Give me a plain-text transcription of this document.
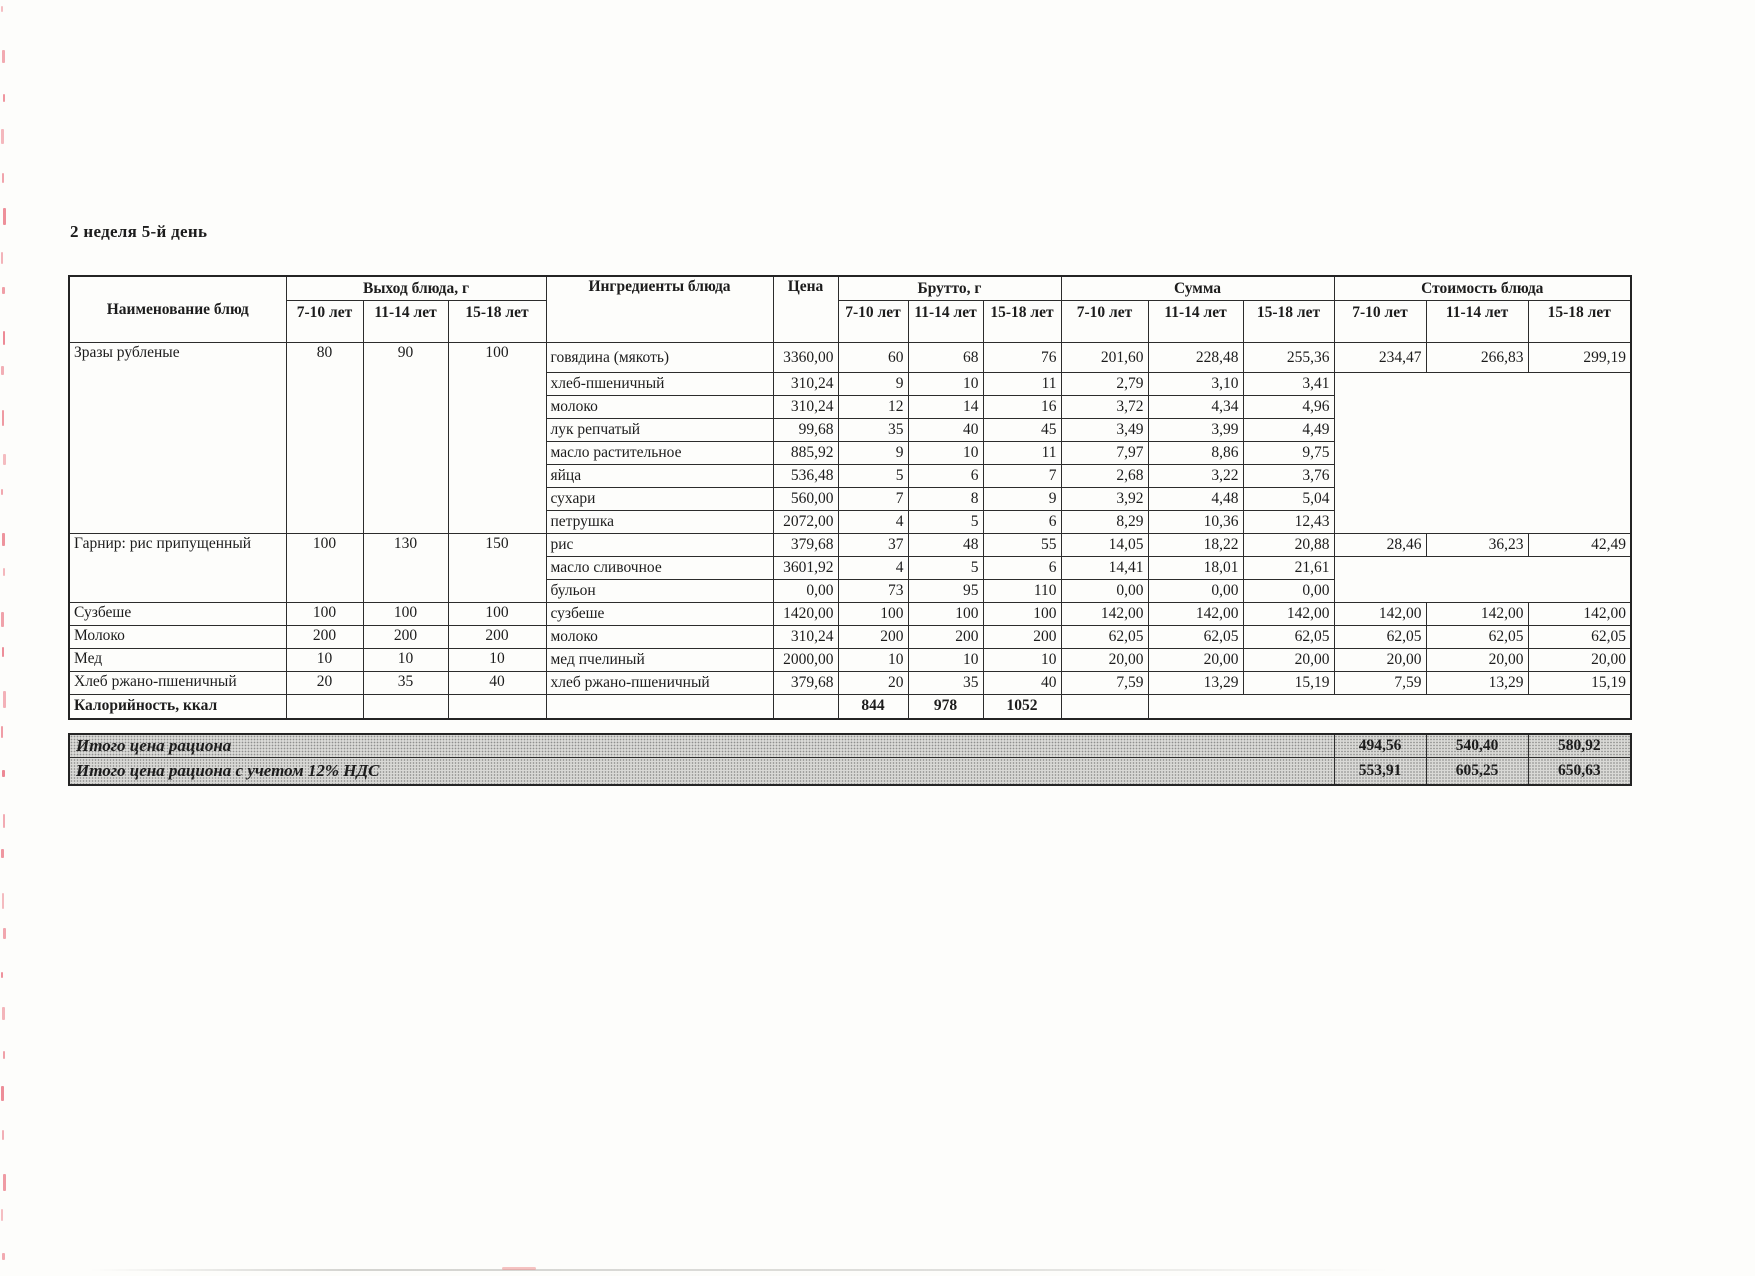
2 неделя 5-й день
Наименование блюд	Выход блюда, г			Ингредиенты блюда	Цена	Брутто, г			Сумма			Стоимость блюда		
	7-10 лет	11-14 лет	15-18 лет			7-10 лет	11-14 лет	15-18 лет	7-10 лет	11-14 лет	15-18 лет	7-10 лет	11-14 лет	15-18 лет
Зразы рубленые	80	90	100	говядина (мякоть)	3360,00	60	68	76	201,60	228,48	255,36	234,47	266,83	299,19
				хлеб-пшеничный	310,24	9	10	11	2,79	3,10	3,41			
				молоко	310,24	12	14	16	3,72	4,34	4,96			
				лук репчатый	99,68	35	40	45	3,49	3,99	4,49			
				масло растительное	885,92	9	10	11	7,97	8,86	9,75			
				яйца	536,48	5	6	7	2,68	3,22	3,76			
				сухари	560,00	7	8	9	3,92	4,48	5,04			
				петрушка	2072,00	4	5	6	8,29	10,36	12,43			
Гарнир: рис припущенный	100	130	150	рис	379,68	37	48	55	14,05	18,22	20,88	28,46	36,23	42,49
				масло сливочное	3601,92	4	5	6	14,41	18,01	21,61			
				бульон	0,00	73	95	110	0,00	0,00	0,00			
Сузбеше	100	100	100	сузбеше	1420,00	100	100	100	142,00	142,00	142,00	142,00	142,00	142,00
Молоко	200	200	200	молоко	310,24	200	200	200	62,05	62,05	62,05	62,05	62,05	62,05
Мед	10	10	10	мед пчелиный	2000,00	10	10	10	20,00	20,00	20,00	20,00	20,00	20,00
Хлеб ржано-пшеничный	20	35	40	хлеб ржано-пшеничный	379,68	20	35	40	7,59	13,29	15,19	7,59	13,29	15,19
Калорийность, ккал						844	978	1052						
Итого цена рациона	494,56	540,40	580,92
Итого цена рациона с учетом 12% НДС	553,91	605,25	650,63
